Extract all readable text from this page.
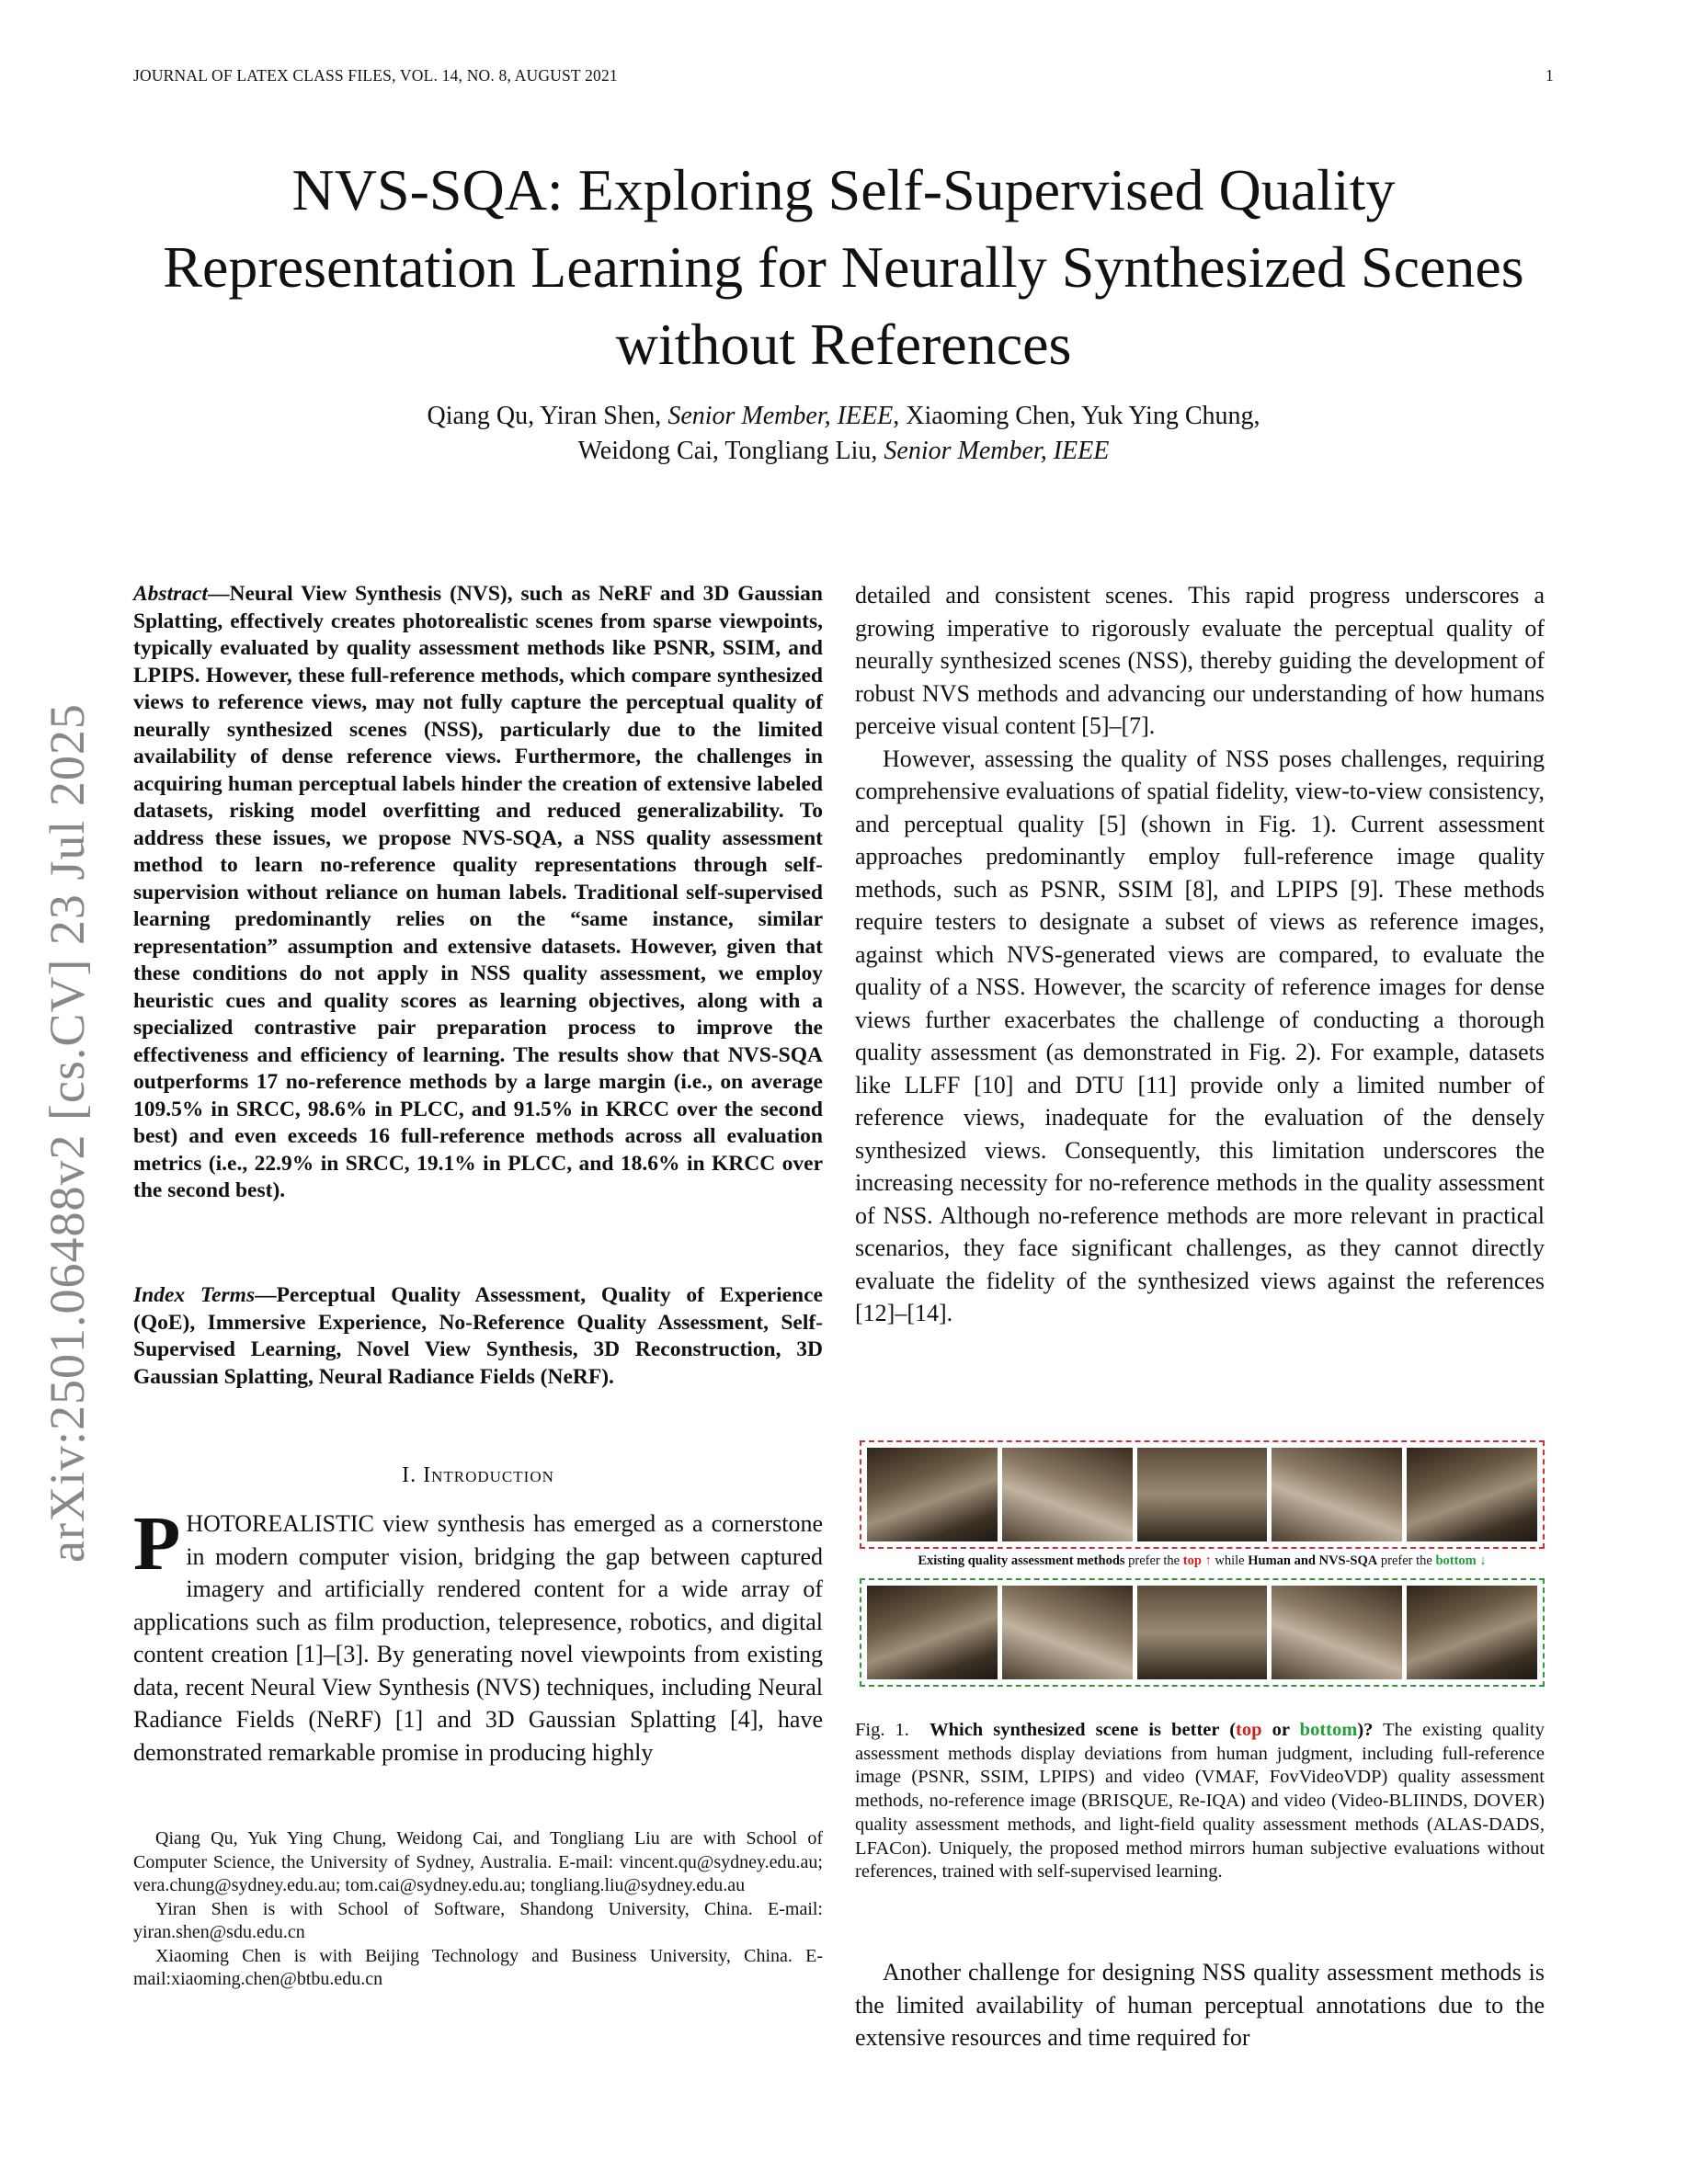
JOURNAL OF LATEX CLASS FILES, VOL. 14, NO. 8, AUGUST 2021	1
NVS-SQA: Exploring Self-Supervised Quality Representation Learning for Neurally Synthesized Scenes without References
Qiang Qu, Yiran Shen, Senior Member, IEEE, Xiaoming Chen, Yuk Ying Chung,
Weidong Cai, Tongliang Liu, Senior Member, IEEE
arXiv:2501.06488v2 [cs.CV] 23 Jul 2025

Abstract—Neural View Synthesis (NVS), such as NeRF and 3D Gaussian Splatting, effectively creates photorealistic scenes from sparse viewpoints, typically evaluated by quality assessment methods like PSNR, SSIM, and LPIPS. However, these full-reference methods, which compare synthesized views to reference views, may not fully capture the perceptual quality of neurally synthesized scenes (NSS), particularly due to the limited availability of dense reference views. Furthermore, the challenges in acquiring human perceptual labels hinder the creation of extensive labeled datasets, risking model overfitting and reduced generalizability. To address these issues, we propose NVS-SQA, a NSS quality assessment method to learn no-reference quality representations through self-supervision without reliance on human labels. Traditional self-supervised learning predominantly relies on the “same instance, similar representation” assumption and extensive datasets. However, given that these conditions do not apply in NSS quality assessment, we employ heuristic cues and quality scores as learning objectives, along with a specialized contrastive pair preparation process to improve the effectiveness and efficiency of learning. The results show that NVS-SQA outperforms 17 no-reference methods by a large margin (i.e., on average 109.5% in SRCC, 98.6% in PLCC, and 91.5% in KRCC over the second best) and even exceeds 16 full-reference methods across all evaluation metrics (i.e., 22.9% in SRCC, 19.1% in PLCC, and 18.6% in KRCC over the second best).

Index Terms—Perceptual Quality Assessment, Quality of Experience (QoE), Immersive Experience, No-Reference Quality Assessment, Self-Supervised Learning, Novel View Synthesis, 3D Reconstruction, 3D Gaussian Splatting, Neural Radiance Fields (NeRF).

I. Introduction

PHOTOREALISTIC view synthesis has emerged as a cornerstone in modern computer vision, bridging the gap between captured imagery and artificially rendered content for a wide array of applications such as film production, telepresence, robotics, and digital content creation [1]–[3]. By generating novel viewpoints from existing data, recent Neural View Synthesis (NVS) techniques, including Neural Radiance Fields (NeRF) [1] and 3D Gaussian Splatting [4], have demonstrated remarkable promise in producing highly

Qiang Qu, Yuk Ying Chung, Weidong Cai, and Tongliang Liu are with School of Computer Science, the University of Sydney, Australia. E-mail: vincent.qu@sydney.edu.au; vera.chung@sydney.edu.au; tom.cai@sydney.edu.au; tongliang.liu@sydney.edu.au

Yiran Shen is with School of Software, Shandong University, China. E-mail: yiran.shen@sdu.edu.cn

Xiaoming Chen is with Beijing Technology and Business University, China. E-mail:xiaoming.chen@btbu.edu.cn

detailed and consistent scenes. This rapid progress underscores a growing imperative to rigorously evaluate the perceptual quality of neurally synthesized scenes (NSS), thereby guiding the development of robust NVS methods and advancing our understanding of how humans perceive visual content [5]–[7].

However, assessing the quality of NSS poses challenges, requiring comprehensive evaluations of spatial fidelity, view-to-view consistency, and perceptual quality [5] (shown in Fig. 1). Current assessment approaches predominantly employ full-reference image quality methods, such as PSNR, SSIM [8], and LPIPS [9]. These methods require testers to designate a subset of views as reference images, against which NVS-generated views are compared, to evaluate the quality of a NSS. However, the scarcity of reference images for dense views further exacerbates the challenge of conducting a thorough quality assessment (as demonstrated in Fig. 2). For example, datasets like LLFF [10] and DTU [11] provide only a limited number of reference views, inadequate for the evaluation of the densely synthesized views. Consequently, this limitation underscores the increasing necessity for no-reference methods in the quality assessment of NSS. Although no-reference methods are more relevant in practical scenarios, they face significant challenges, as they cannot directly evaluate the fidelity of the synthesized views against the references [12]–[14].

Existing quality assessment methods prefer the top ↑ while Human and NVS-SQA prefer the bottom ↓

Fig. 1. Which synthesized scene is better (top or bottom)? The existing quality assessment methods display deviations from human judgment, including full-reference image (PSNR, SSIM, LPIPS) and video (VMAF, FovVideoVDP) quality assessment methods, no-reference image (BRISQUE, Re-IQA) and video (Video-BLIINDS, DOVER) quality assessment methods, and light-field quality assessment methods (ALAS-DADS, LFACon). Uniquely, the proposed method mirrors human subjective evaluations without references, trained with self-supervised learning.

Another challenge for designing NSS quality assessment methods is the limited availability of human perceptual annotations due to the extensive resources and time required for
